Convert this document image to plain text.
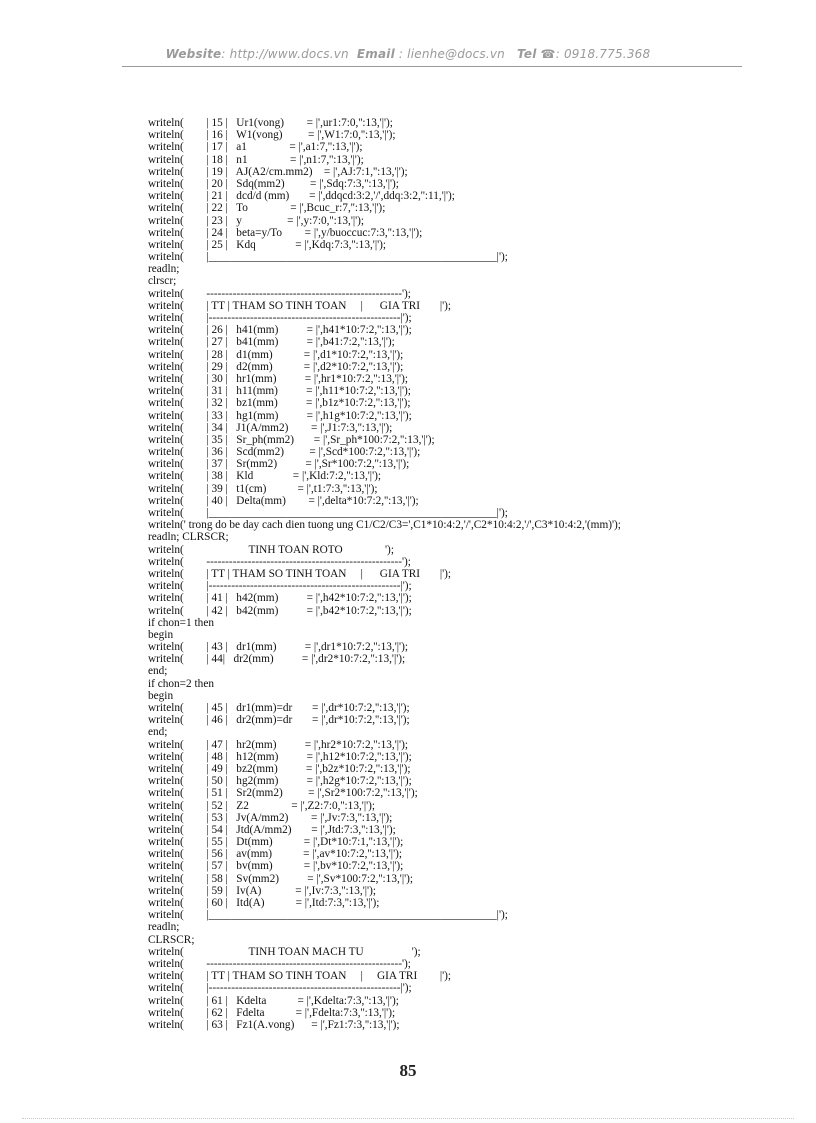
Website: http://www.docs.vn Email : lienhe@docs.vn Tel ☎: 0918.775.368
writeln(        | 15 |   Ur1(vong)        = |',ur1:7:0,'':13,'|');
writeln(        | 16 |   W1(vong)         = |',W1:7:0,'':13,'|');
writeln(        | 17 |   a1               = |',a1:7,'':13,'|');
writeln(        | 18 |   n1               = |',n1:7,'':13,'|');
writeln(        | 19 |   AJ(A2/cm.mm2)    = |',AJ:7:1,'':13,'|');
writeln(        | 20 |   Sdq(mm2)         = |',Sdq:7:3,'':13,'|');
writeln(        | 21 |   dcd/d (mm)       = |',ddqcd:3:2,'/',ddq:3:2,'':11,'|');
writeln(        | 22 |   To               = |',Bcuc_r:7,'':13,'|');
writeln(        | 23 |   y                = |',y:7:0,'':13,'|');
writeln(        | 24 |   beta=y/To        = |',y/buoccuc:7:3,'':13,'|');
writeln(        | 25 |   Kdq              = |',Kdq:7:3,'':13,'|');
writeln(        |___________________________________________________|');
readln;
clrscr;
writeln(        ----------------------------------------------------');
writeln(        | TT | THAM SO TINH TOAN     |      GIA TRI       |');
writeln(        |---------------------------------------------------|');
writeln(        | 26 |   h41(mm)          = |',h41*10:7:2,'':13,'|');
writeln(        | 27 |   b41(mm)          = |',b41:7:2,'':13,'|');
writeln(        | 28 |   d1(mm)           = |',d1*10:7:2,'':13,'|');
writeln(        | 29 |   d2(mm)           = |',d2*10:7:2,'':13,'|');
writeln(        | 30 |   hr1(mm)          = |',hr1*10:7:2,'':13,'|');
writeln(        | 31 |   h11(mm)          = |',h11*10:7:2,'':13,'|');
writeln(        | 32 |   bz1(mm)          = |',b1z*10:7:2,'':13,'|');
writeln(        | 33 |   hg1(mm)          = |',h1g*10:7:2,'':13,'|');
writeln(        | 34 |   J1(A/mm2)        = |',J1:7:3,'':13,'|');
writeln(        | 35 |   Sr_ph(mm2)       = |',Sr_ph*100:7:2,'':13,'|');
writeln(        | 36 |   Scd(mm2)         = |',Scd*100:7:2,'':13,'|');
writeln(        | 37 |   Sr(mm2)          = |',Sr*100:7:2,'':13,'|');
writeln(        | 38 |   Kld              = |',Kld:7:2,'':13,'|');
writeln(        | 39 |   t1(cm)           = |',t1:7:3,'':13,'|');
writeln(        | 40 |   Delta(mm)        = |',delta*10:7:2,'':13,'|');
writeln(        |___________________________________________________|');
writeln(' trong do be day cach dien tuong ung C1/C2/C3=',C1*10:4:2,'/',C2*10:4:2,'/',C3*10:4:2,'(mm)');
readln; CLRSCR;
writeln(                       TINH TOAN ROTO               ');
writeln(        ----------------------------------------------------');
writeln(        | TT | THAM SO TINH TOAN     |      GIA TRI       |');
writeln(        |---------------------------------------------------|');
writeln(        | 41 |   h42(mm)          = |',h42*10:7:2,'':13,'|');
writeln(        | 42 |   b42(mm)          = |',b42*10:7:2,'':13,'|');
if chon=1 then
begin
writeln(        | 43 |   dr1(mm)          = |',dr1*10:7:2,'':13,'|');
writeln(        | 44|   dr2(mm)          = |',dr2*10:7:2,'':13,'|');
end;
if chon=2 then
begin
writeln(        | 45 |   dr1(mm)=dr       = |',dr*10:7:2,'':13,'|');
writeln(        | 46 |   dr2(mm)=dr       = |',dr*10:7:2,'':13,'|');
end;
writeln(        | 47 |   hr2(mm)          = |',hr2*10:7:2,'':13,'|');
writeln(        | 48 |   h12(mm)          = |',h12*10:7:2,'':13,'|');
writeln(        | 49 |   bz2(mm)          = |',b2z*10:7:2,'':13,'|');
writeln(        | 50 |   hg2(mm)          = |',h2g*10:7:2,'':13,'|');
writeln(        | 51 |   Sr2(mm2)         = |',Sr2*100:7:2,'':13,'|');
writeln(        | 52 |   Z2               = |',Z2:7:0,'':13,'|');
writeln(        | 53 |   Jv(A/mm2)        = |',Jv:7:3,'':13,'|');
writeln(        | 54 |   Jtd(A/mm2)       = |',Jtd:7:3,'':13,'|');
writeln(        | 55 |   Dt(mm)           = |',Dt*10:7:1,'':13,'|');
writeln(        | 56 |   av(mm)           = |',av*10:7:2,'':13,'|');
writeln(        | 57 |   bv(mm)           = |',bv*10:7:2,'':13,'|');
writeln(        | 58 |   Sv(mm2)          = |',Sv*100:7:2,'':13,'|');
writeln(        | 59 |   Iv(A)            = |',Iv:7:3,'':13,'|');
writeln(        | 60 |   Itd(A)           = |',Itd:7:3,'':13,'|');
writeln(        |___________________________________________________|');
readln;
CLRSCR;
writeln(                       TINH TOAN MACH TU                 ');
writeln(        ----------------------------------------------------');
writeln(        | TT | THAM SO TINH TOAN     |     GIA TRI        |');
writeln(        |---------------------------------------------------|');
writeln(        | 61 |   Kdelta           = |',Kdelta:7:3,'':13,'|');
writeln(        | 62 |   Fdelta           = |',Fdelta:7:3,'':13,'|');
writeln(        | 63 |   Fz1(A.vong)      = |',Fz1:7:3,'':13,'|');
85
